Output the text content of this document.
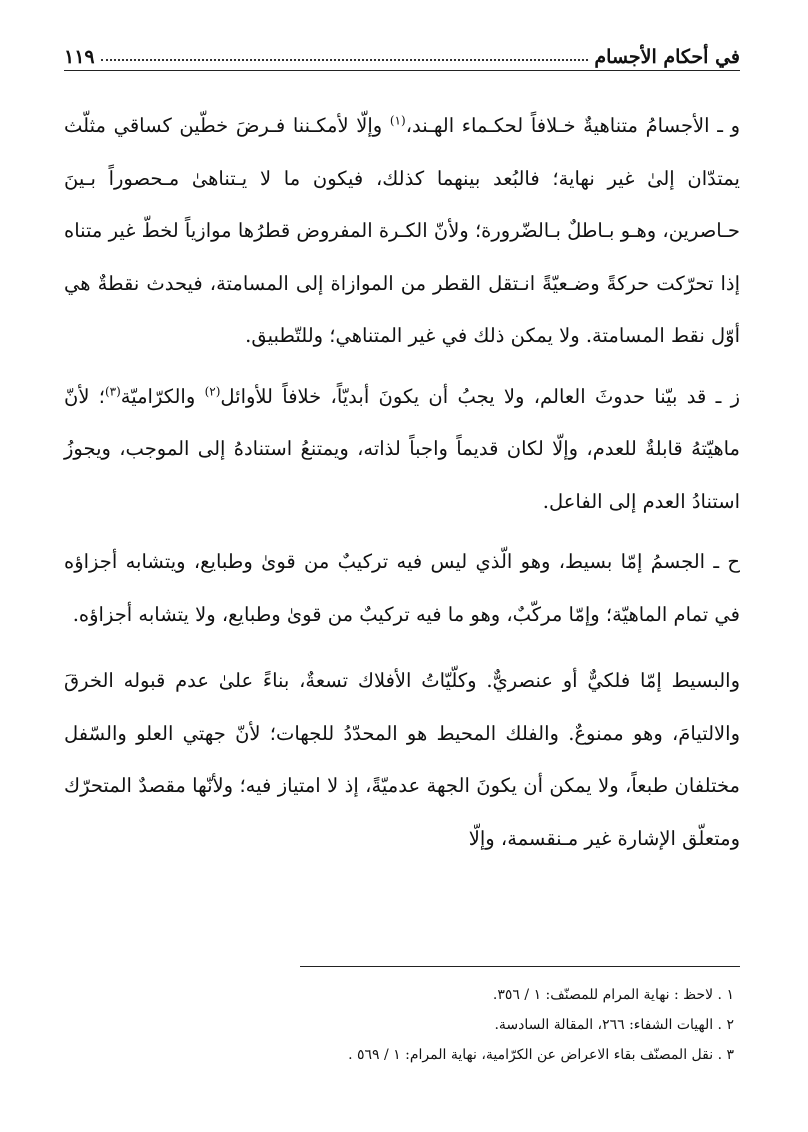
في أحكام الأجسام
١١٩

و ـ الأجسامُ متناهيةٌ خـلافاً لحكـماء الهـند،$^{(١)}$ وإلّا لأمكـننا فـرضَ خطّين كساقي مثلّث يمتدّان إلىٰ غير نهاية؛ فالبُعد بينهما كذلك، فيكون ما لا يـتناهىٰ مـحصوراً بـينَ حـاصرين، وهـو بـاطلٌ بـالضّرورة؛ ولأنّ الكـرة المفروض قطرُها موازياً لخطّ غير متناه إذا تحرّكت حركةً وضـعيّةً انـتقل القطر من الموازاة إلى المسامتة، فيحدث نقطةٌ هي أوّل نقط المسامتة. ولا يمكن ذلك في غير المتناهي؛ وللتّطبيق.

ز ـ قد بيّنا حدوثَ العالم، ولا يجبُ أن يكونَ أبديّاً، خلافاً للأوائل$^{(٢)}$ والكرّاميّة$^{(٣)}$؛ لأنّ ماهيّتهُ قابلةٌ للعدم، وإلّا لكان قديماً واجباً لذاته، ويمتنعُ استنادهُ إلى الموجب، ويجوزُ استنادُ العدم إلى الفاعل.

ح ـ الجسمُ إمّا بسيط، وهو الّذي ليس فيه تركيبٌ من قوىٰ وطبايع، ويتشابه أجزاؤه في تمام الماهيّة؛ وإمّا مركّبٌ، وهو ما فيه تركيبٌ من قوىٰ وطبايع، ولا يتشابه أجزاؤه.

والبسيط إمّا فلكيٌّ أو عنصريٌّ. وكلّيّاتُ الأفلاك تسعةٌ، بناءً علىٰ عدم قبوله الخرقَ والالتيامَ، وهو ممنوعٌ. والفلك المحيط هو المحدّدُ للجهات؛ لأنّ جهتي العلو والسّفل مختلفان طبعاً، ولا يمكن أن يكونَ الجهة عدميّةً، إذ لا امتياز فيه؛ ولأنّها مقصدٌ المتحرّك ومتعلّق الإشارة غير مـنقسمة، وإلّا

١ . لاحظ : نهاية المرام للمصنّف: ١ / ٣٥٦.

٢ . الهيات الشفاء: ٢٦٦، المقالة السادسة.

٣ . نقل المصنّف بقاء الاعراض عن الكرّامية، نهاية المرام: ١ / ٥٦٩ .
